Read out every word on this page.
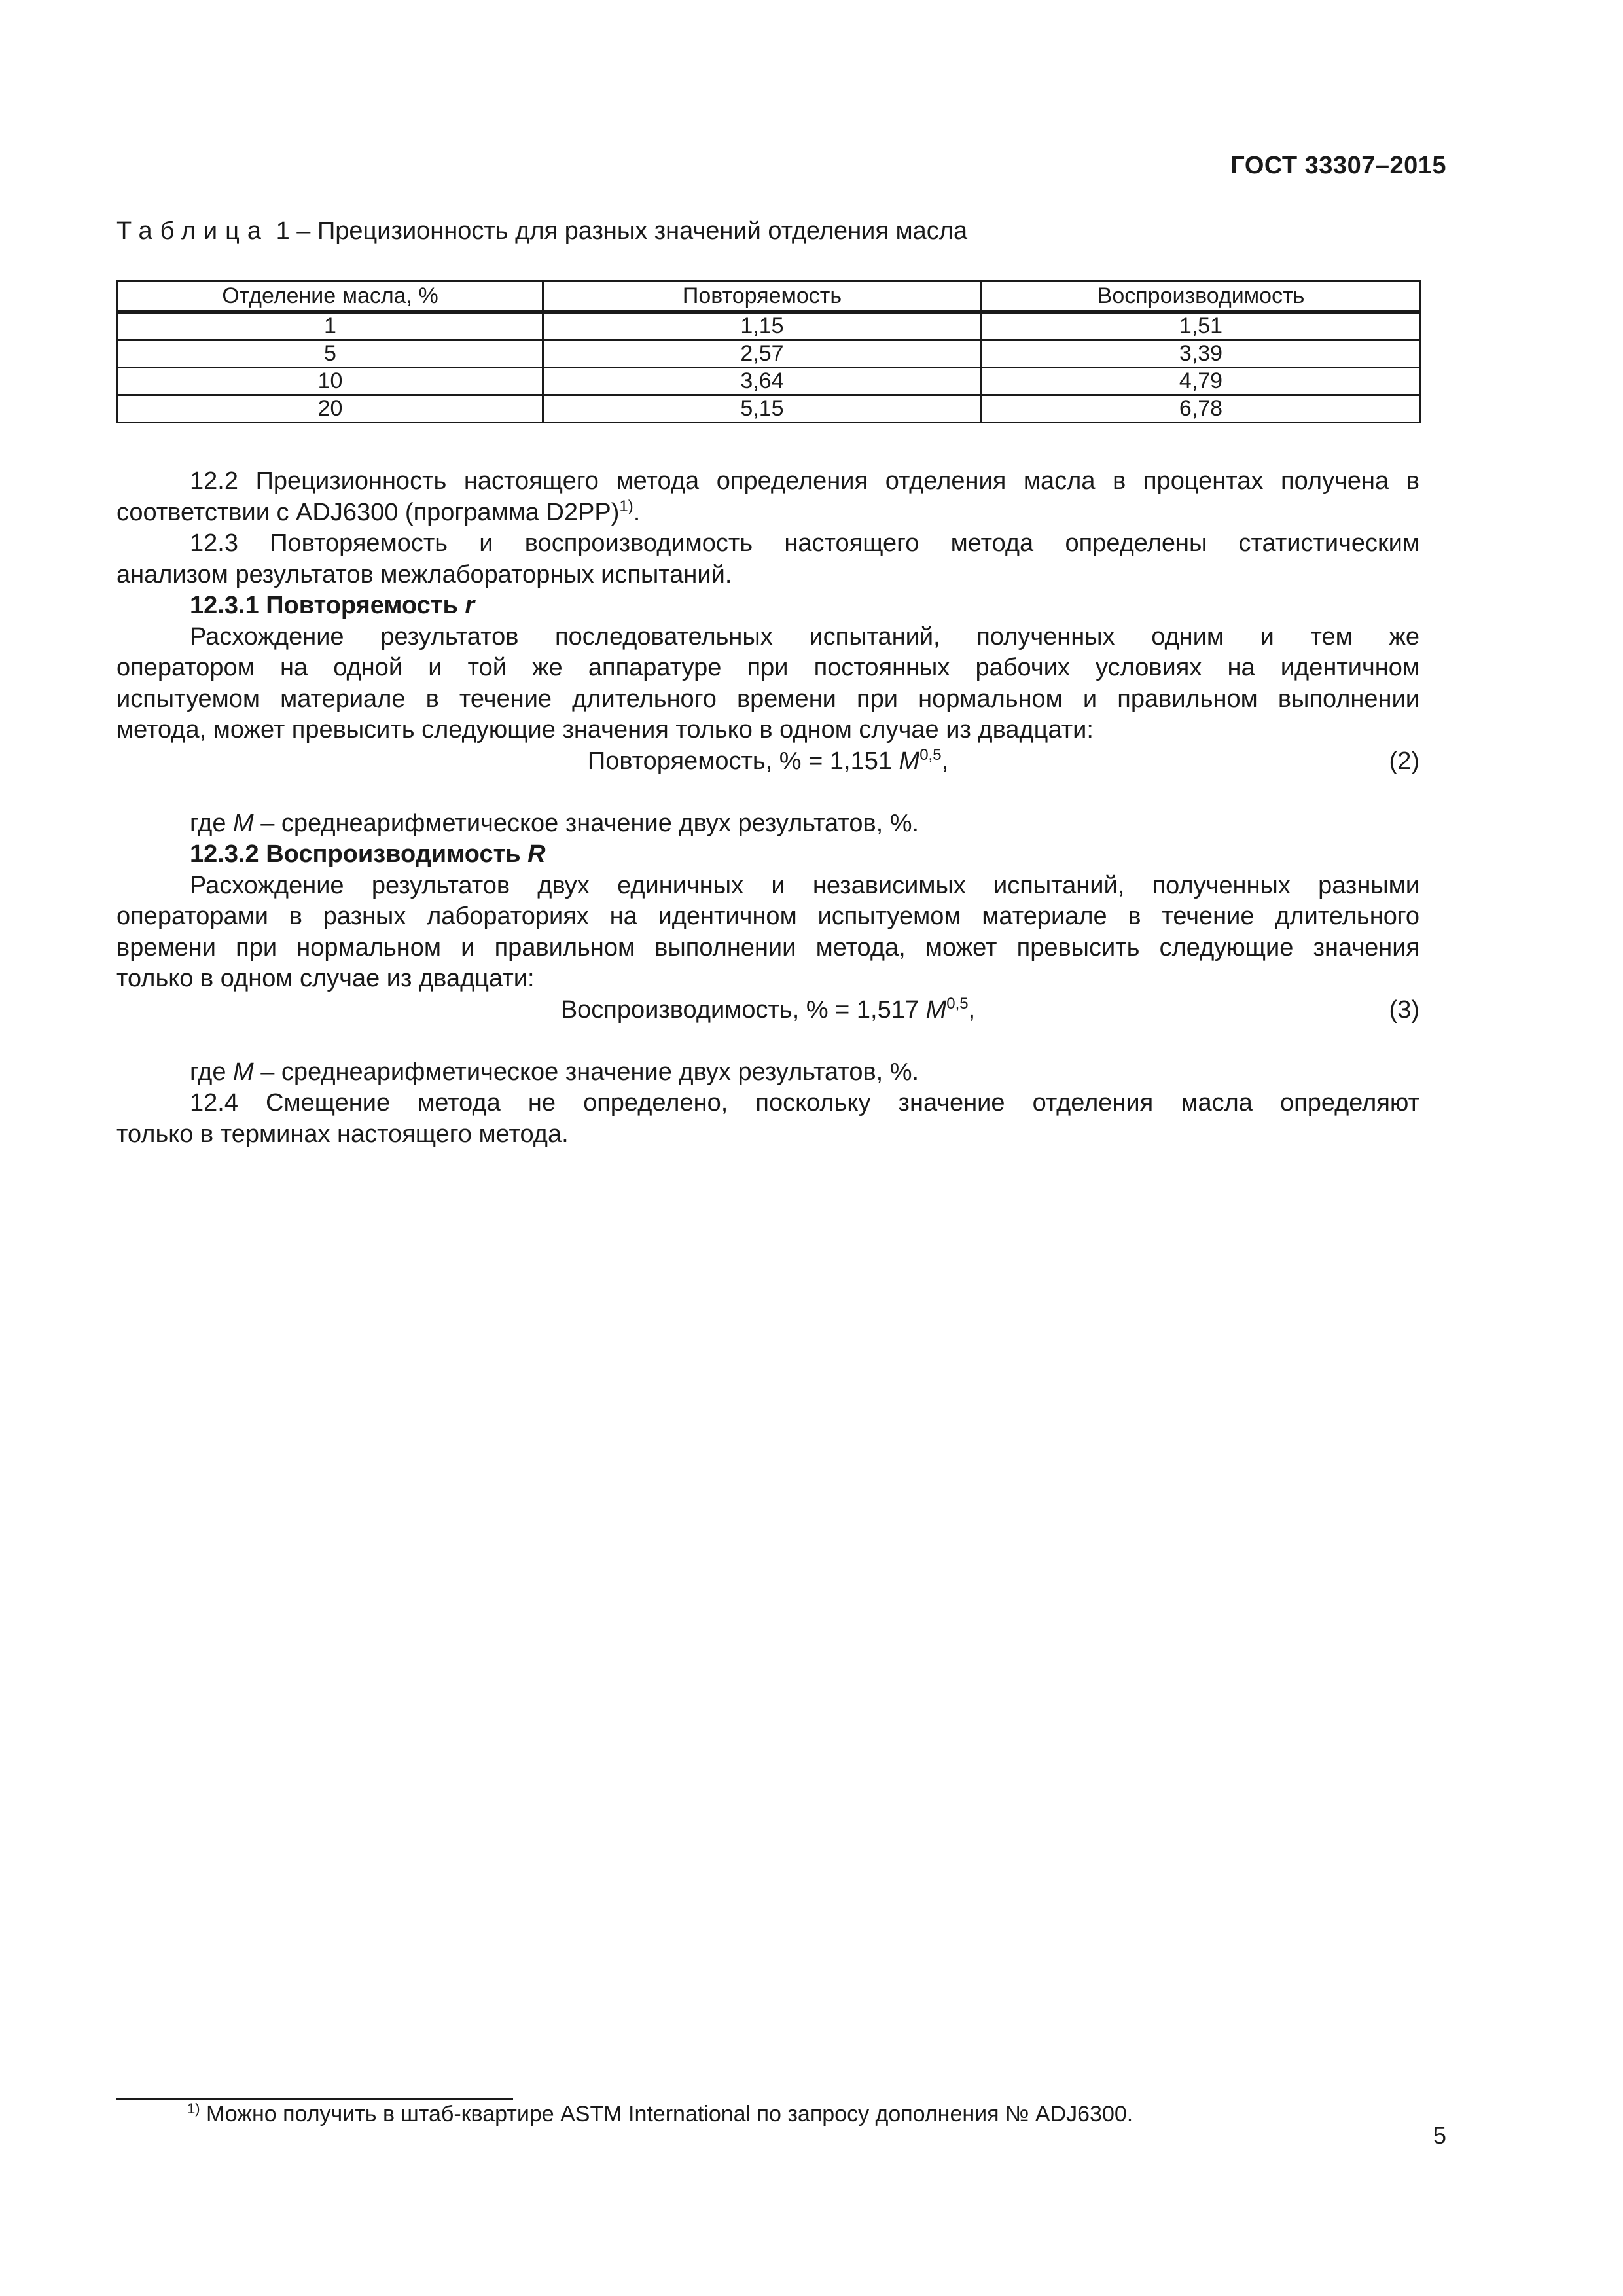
ГОСТ 33307–2015
Таблица 1 – Прецизионность для разных значений отделения масла
Отделение масла, %	Повторяемость	Воспроизводимость
1	1,15	1,51
5	2,57	3,39
10	3,64	4,79
20	5,15	6,78
12.2 Прецизионность настоящего метода определения отделения масла в процентах получена в
соответствии с ADJ6300 (программа D2PP)$^{1)}$.
12.3 Повторяемость и воспроизводимость настоящего метода определены статистическим
анализом результатов межлабораторных испытаний.
12.3.1 Повторяемость r
Расхождение результатов последовательных испытаний, полученных одним и тем же
оператором на одной и той же аппаратуре при постоянных рабочих условиях на идентичном
испытуемом материале в течение длительного времени при нормальном и правильном выполнении
метода, может превысить следующие значения только в одном случае из двадцати:
Повторяемость, % = 1,151 M$^{0,5}$,	(2)
где M – среднеарифметическое значение двух результатов, %.
12.3.2 Воспроизводимость R
Расхождение результатов двух единичных и независимых испытаний, полученных разными
операторами в разных лабораториях на идентичном испытуемом материале в течение длительного
времени при нормальном и правильном выполнении метода, может превысить следующие значения
только в одном случае из двадцати:
Воспроизводимость, % = 1,517 M$^{0,5}$,	(3)
где M – среднеарифметическое значение двух результатов, %.
12.4 Смещение метода не определено, поскольку значение отделения масла определяют
только в терминах настоящего метода.
$^{1)}$ Можно получить в штаб-квартире ASTM International по запросу дополнения № ADJ6300.
5
